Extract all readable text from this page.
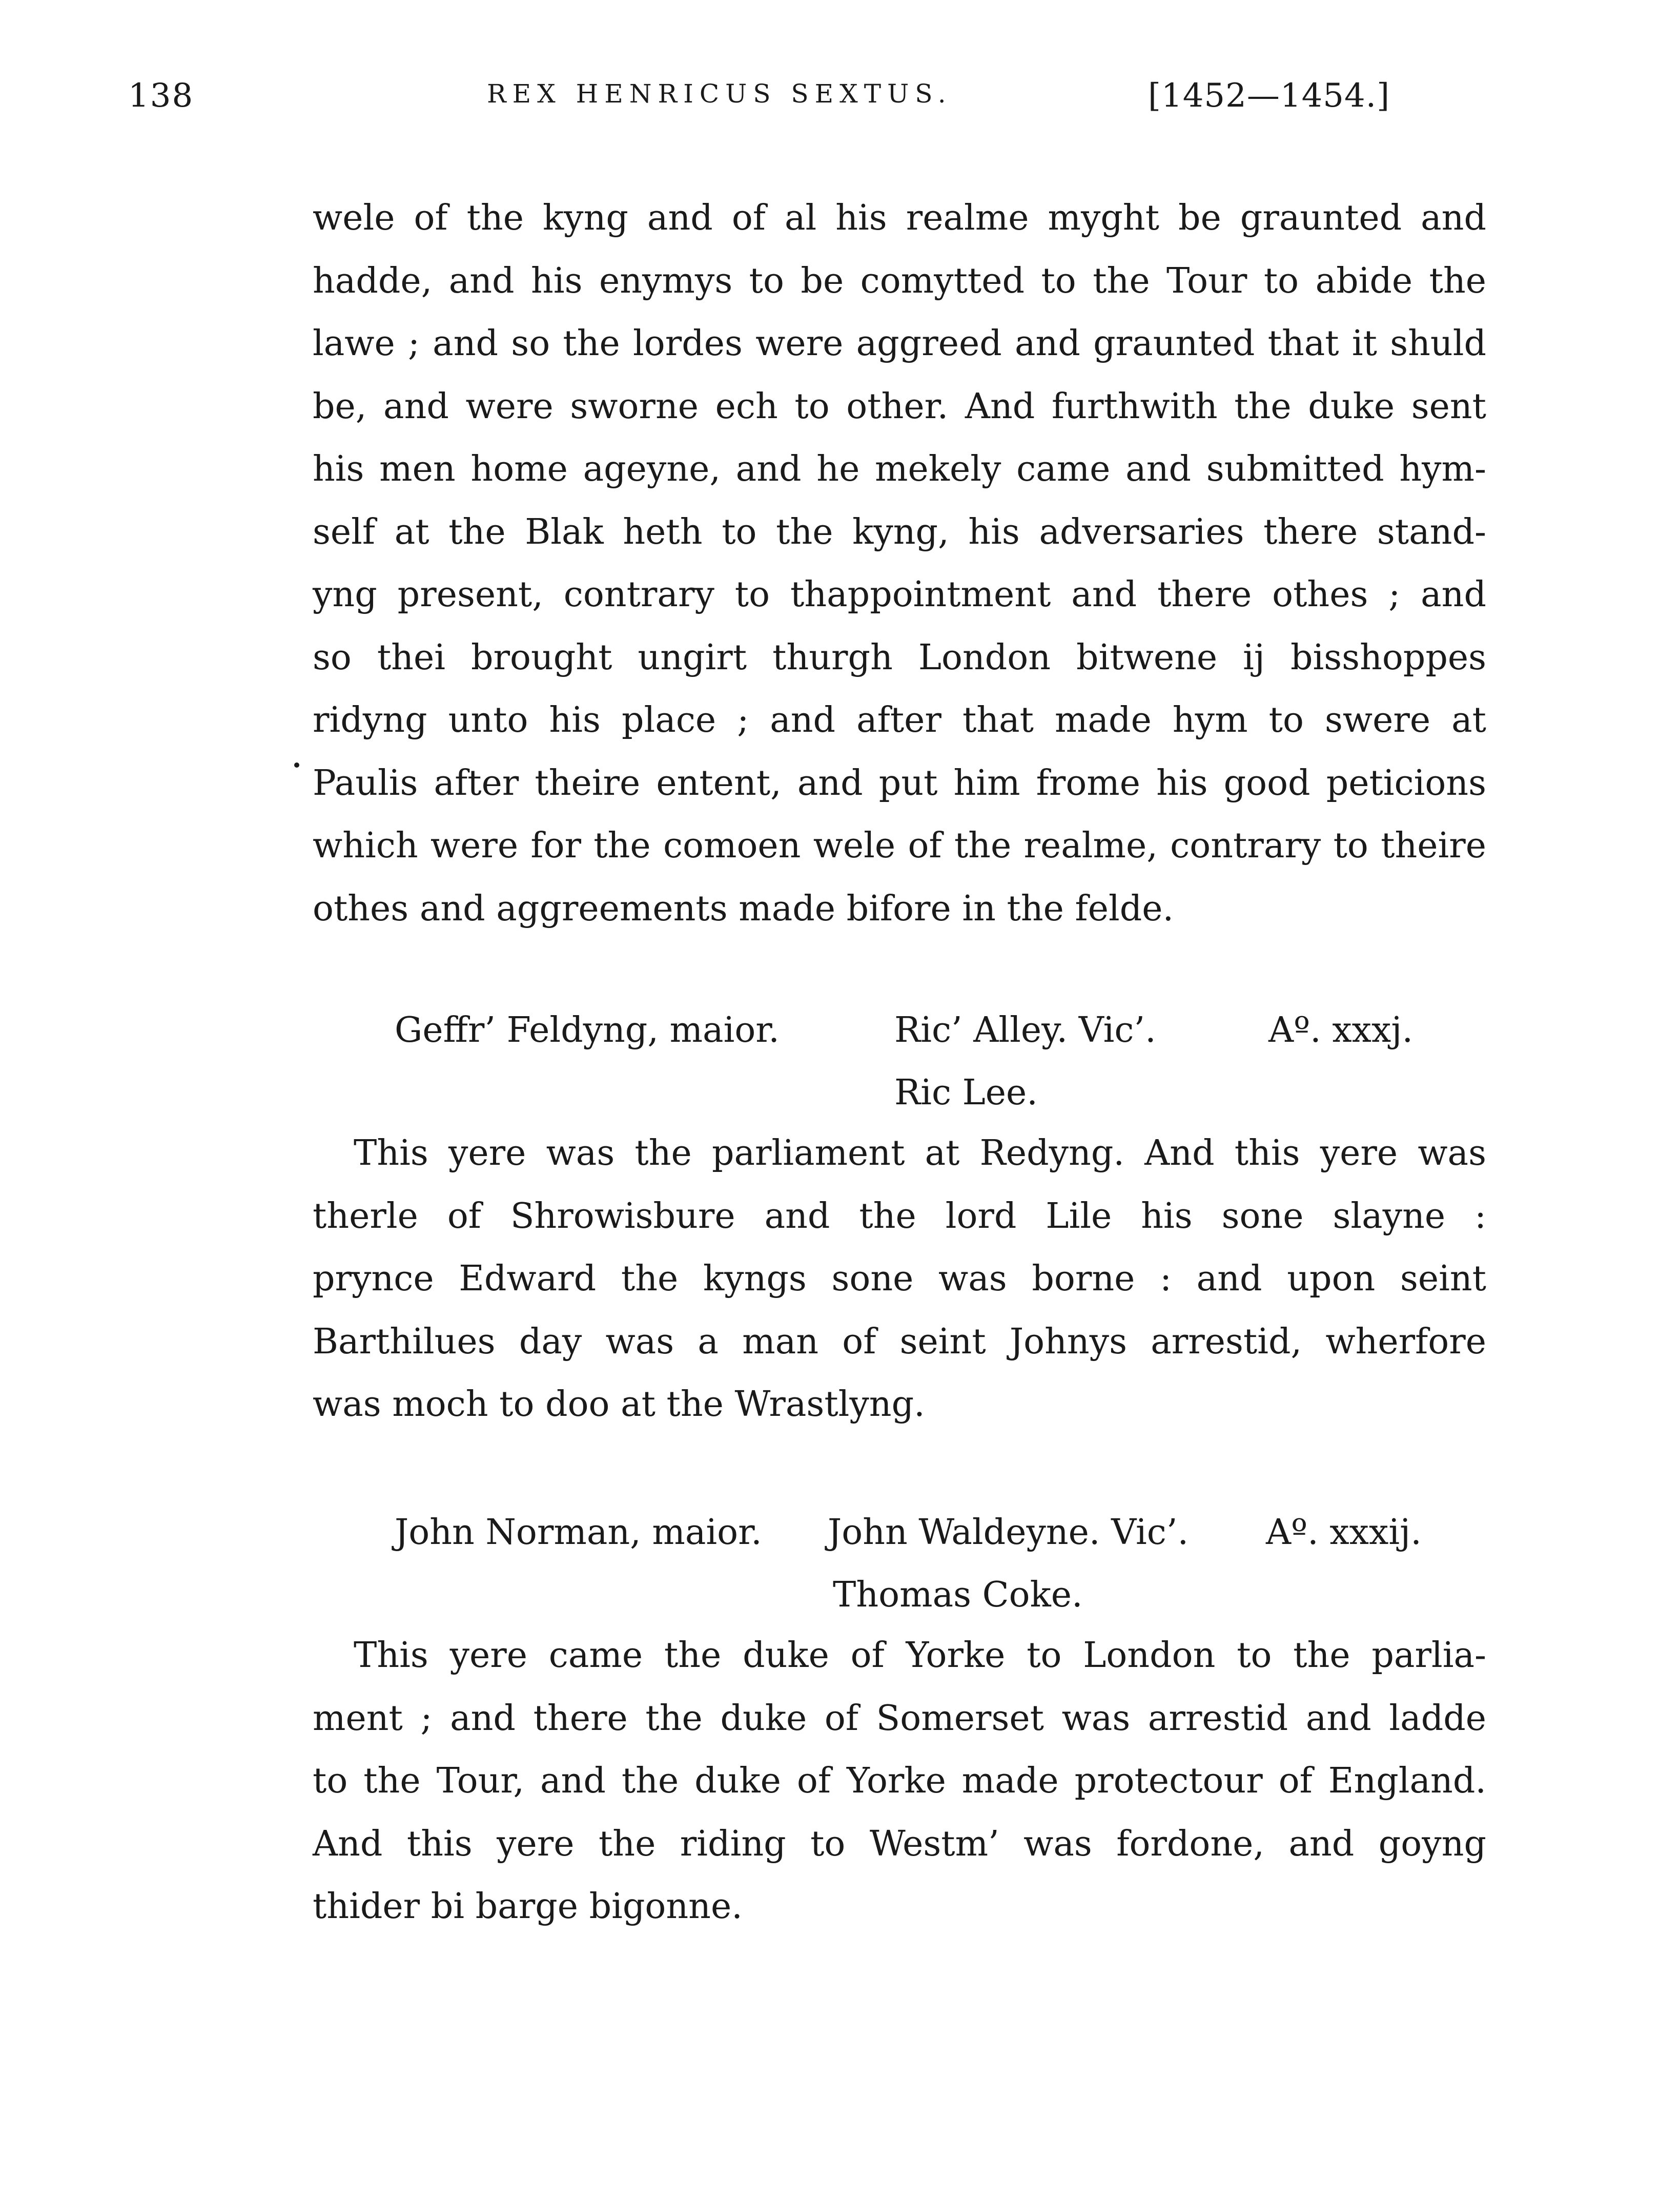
138	REX HENRICUS SEXTUS.	[1452—1454.]

wele of the kyng and of al his realme myght be graunted and
hadde, and his enymys to be comytted to the Tour to abide the
lawe ; and so the lordes were aggreed and graunted that it shuld
be, and were sworne ech to other. And furthwith the duke sent
his men home ageyne, and he mekely came and submitted hym-
self at the Blak heth to the kyng, his adversaries there stand-
yng present, contrary to thappointment and there othes ; and
so thei brought ungirt thurgh London bitwene ij bisshoppes
ridyng unto his place ; and after that made hym to swere at
Paulis after theire entent, and put him frome his good peticions
which were for the comoen wele of the realme, contrary to theire
othes and aggreements made bifore in the felde.

Geffr’ Feldyng, maior.	Ric’ Alley. Vic’.	Aº. xxxj.
Ric Lee.

This yere was the parliament at Redyng. And this yere was
therle of Shrowisbure and the lord Lile his sone slayne :
prynce Edward the kyngs sone was borne : and upon seint
Barthilues day was a man of seint Johnys arrestid, wherfore
was moch to doo at the Wrastlyng.

John Norman, maior. John Waldeyne. Vic’. Aº. xxxij.
Thomas Coke.

This yere came the duke of Yorke to London to the parlia-
ment ; and there the duke of Somerset was arrestid and ladde
to the Tour, and the duke of Yorke made protectour of England.
And this yere the riding to Westm’ was fordone, and goyng
thider bi barge bigonne.
